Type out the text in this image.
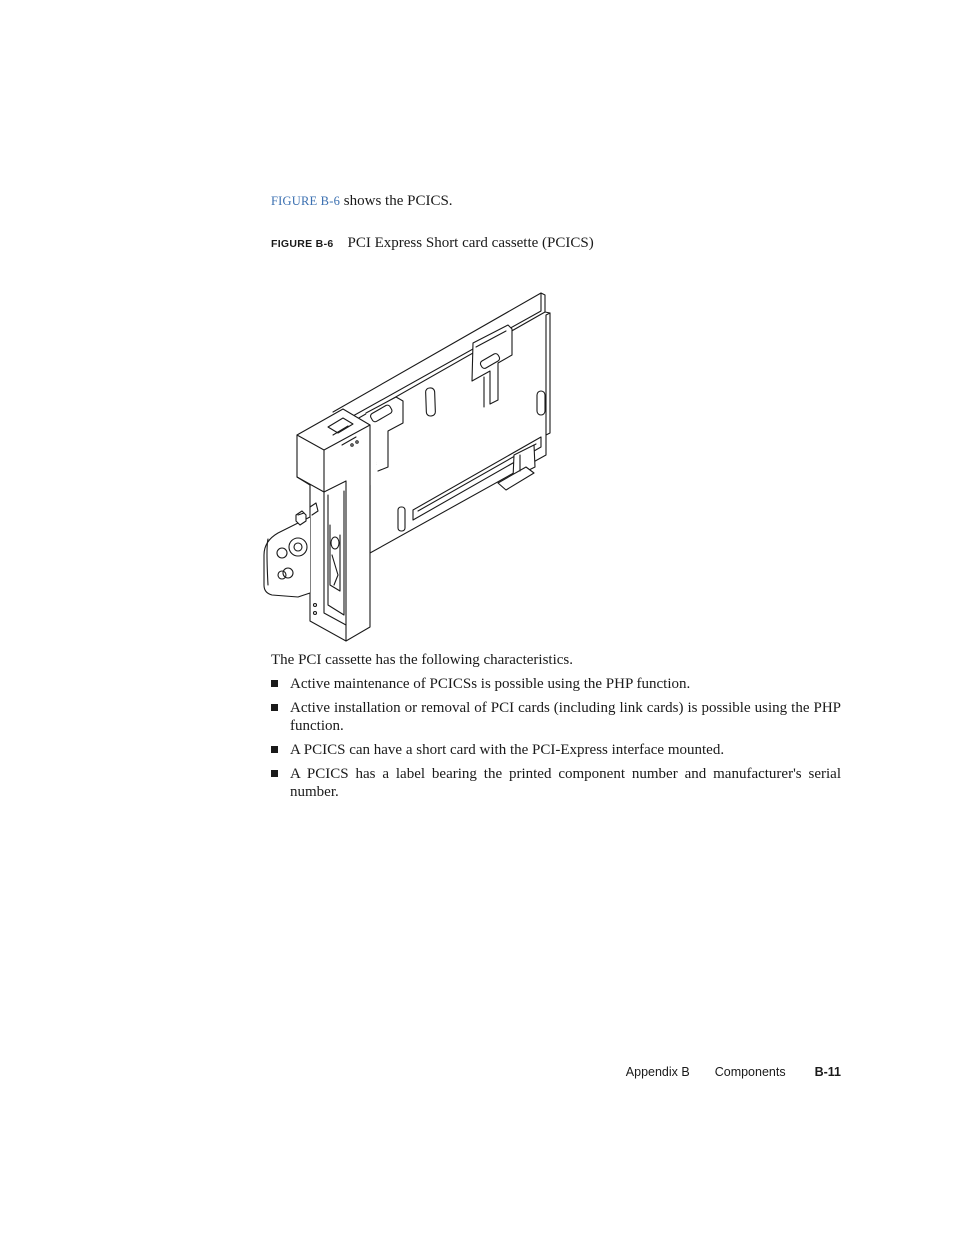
FIGURE B-6 shows the PCICS.

FIGURE B-6 PCI Express Short card cassette (PCICS)

The PCI cassette has the following characteristics.

Active maintenance of PCICSs is possible using the PHP function.
Active installation or removal of PCI cards (including link cards) is possible using the PHP function.
A PCICS can have a short card with the PCI-Express interface mounted.
A PCICS has a label bearing the printed component number and manufacturer's serial number.
Appendix B Components B-11
